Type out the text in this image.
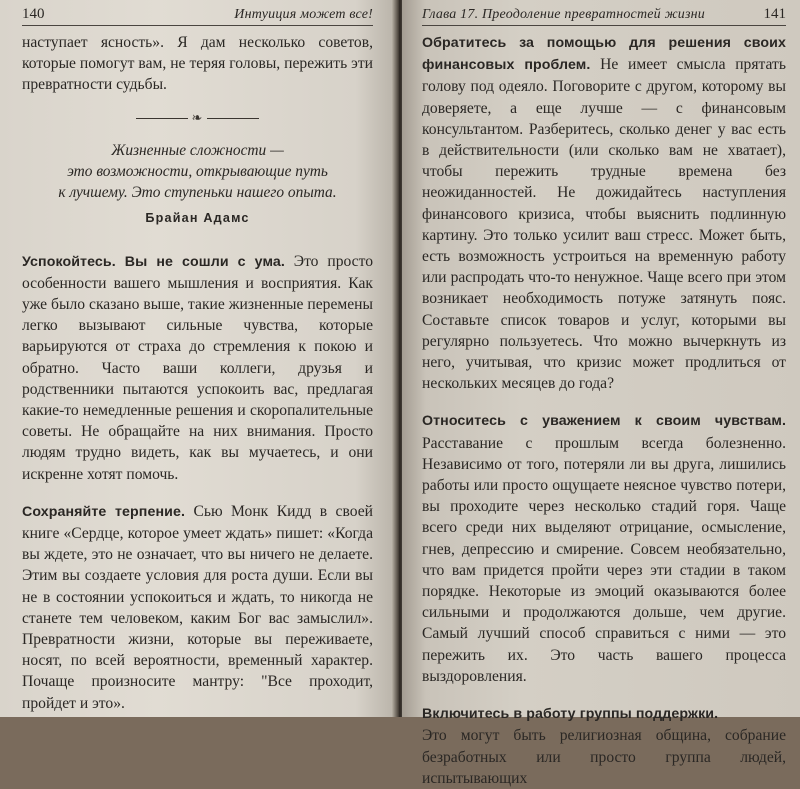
140	Интуиция может все!

наступает ясность». Я дам несколько советов, которые помогут вам, не теряя головы, пережить эти превратности судьбы.

❧
Жизненные сложности —
это возможности, открывающие путь
к лучшему. Это ступеньки нашего опыта.
Брайан Адамс

Успокойтесь. Вы не сошли с ума. Это просто особенности вашего мышления и восприятия. Как уже было сказано выше, такие жизненные перемены легко вызывают сильные чувства, которые варьируются от страха до стремления к покою и обратно. Часто ваши коллеги, друзья и родственники пытаются успокоить вас, предлагая какие-то немедленные решения и скоропалительные советы. Не обращайте на них внимания. Просто людям трудно видеть, как вы мучаетесь, и они искренне хотят помочь.

Сохраняйте терпение. Сью Монк Кидд в своей книге «Сердце, которое умеет ждать» пишет: «Когда вы ждете, это не означает, что вы ничего не делаете. Этим вы создаете условия для роста души. Если вы не в состоянии успокоиться и ждать, то никогда не станете тем человеком, каким Бог вас замыслил». Превратности жизни, которые вы переживаете, носят, по всей вероятности, временный характер. Почаще произносите мантру: "Все проходит, пройдет и это».

Глава 17. Преодоление превратностей жизни	141

Обратитесь за помощью для решения своих финансовых проблем. Не имеет смысла прятать голову под одеяло. Поговорите с другом, которому вы доверяете, а еще лучше — с финансовым консультантом. Разберитесь, сколько денег у вас есть в действительности (или сколько вам не хватает), чтобы пережить трудные времена без неожиданностей. Не дожидайтесь наступления финансового кризиса, чтобы выяснить подлинную картину. Это только усилит ваш стресс. Может быть, есть возможность устроиться на временную работу или распродать что-то ненужное. Чаще всего при этом возникает необходимость потуже затянуть пояс. Составьте список товаров и услуг, которыми вы регулярно пользуетесь. Что можно вычеркнуть из него, учитывая, что кризис может продлиться от нескольких месяцев до года?

Относитесь с уважением к своим чувствам. Расставание с прошлым всегда болезненно. Независимо от того, потеряли ли вы друга, лишились работы или просто ощущаете неясное чувство потери, вы проходите через несколько стадий горя. Чаще всего среди них выделяют отрицание, осмысление, гнев, депрессию и смирение. Совсем необязательно, что вам придется пройти через эти стадии в таком порядке. Некоторые из эмоций оказываются более сильными и продолжаются дольше, чем другие. Самый лучший способ справиться с ними — это пережить их. Это часть вашего процесса выздоровления.

Включитесь в работу группы поддержки.

Это могут быть религиозная община, собрание безработных или просто группа людей, испытывающих
